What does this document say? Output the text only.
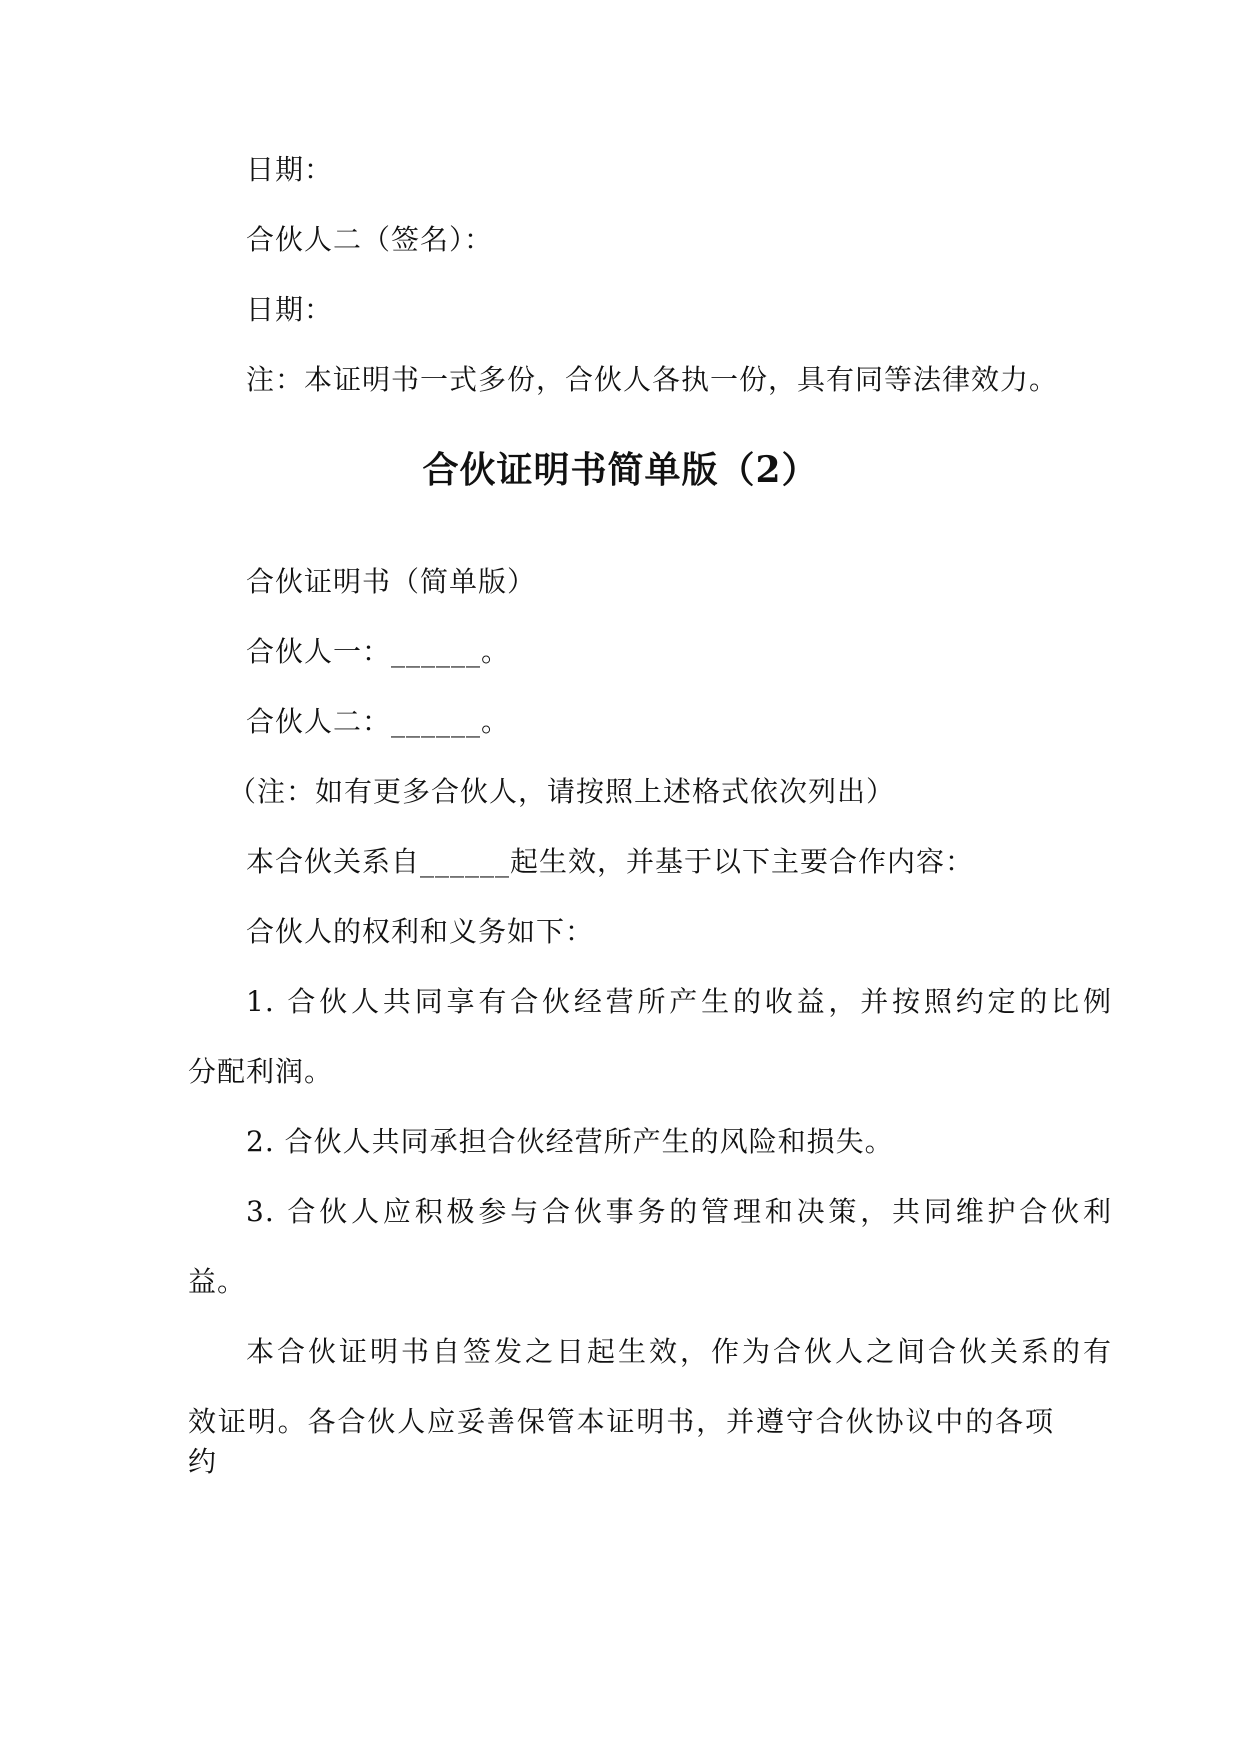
日期：
合伙人二（签名）：
日期：
注：本证明书一式多份，合伙人各执一份，具有同等法律效力。
合伙证明书简单版（2）
合伙证明书（简单版）
合伙人一：______。
合伙人二：______。
（注：如有更多合伙人，请按照上述格式依次列出）
本合伙关系自______起生效，并基于以下主要合作内容：
合伙人的权利和义务如下：
1. 合伙人共同享有合伙经营所产生的收益，并按照约定的比例
分配利润。
2. 合伙人共同承担合伙经营所产生的风险和损失。
3. 合伙人应积极参与合伙事务的管理和决策，共同维护合伙利
益。
本合伙证明书自签发之日起生效，作为合伙人之间合伙关系的有
效证明。各合伙人应妥善保管本证明书，并遵守合伙协议中的各项约
